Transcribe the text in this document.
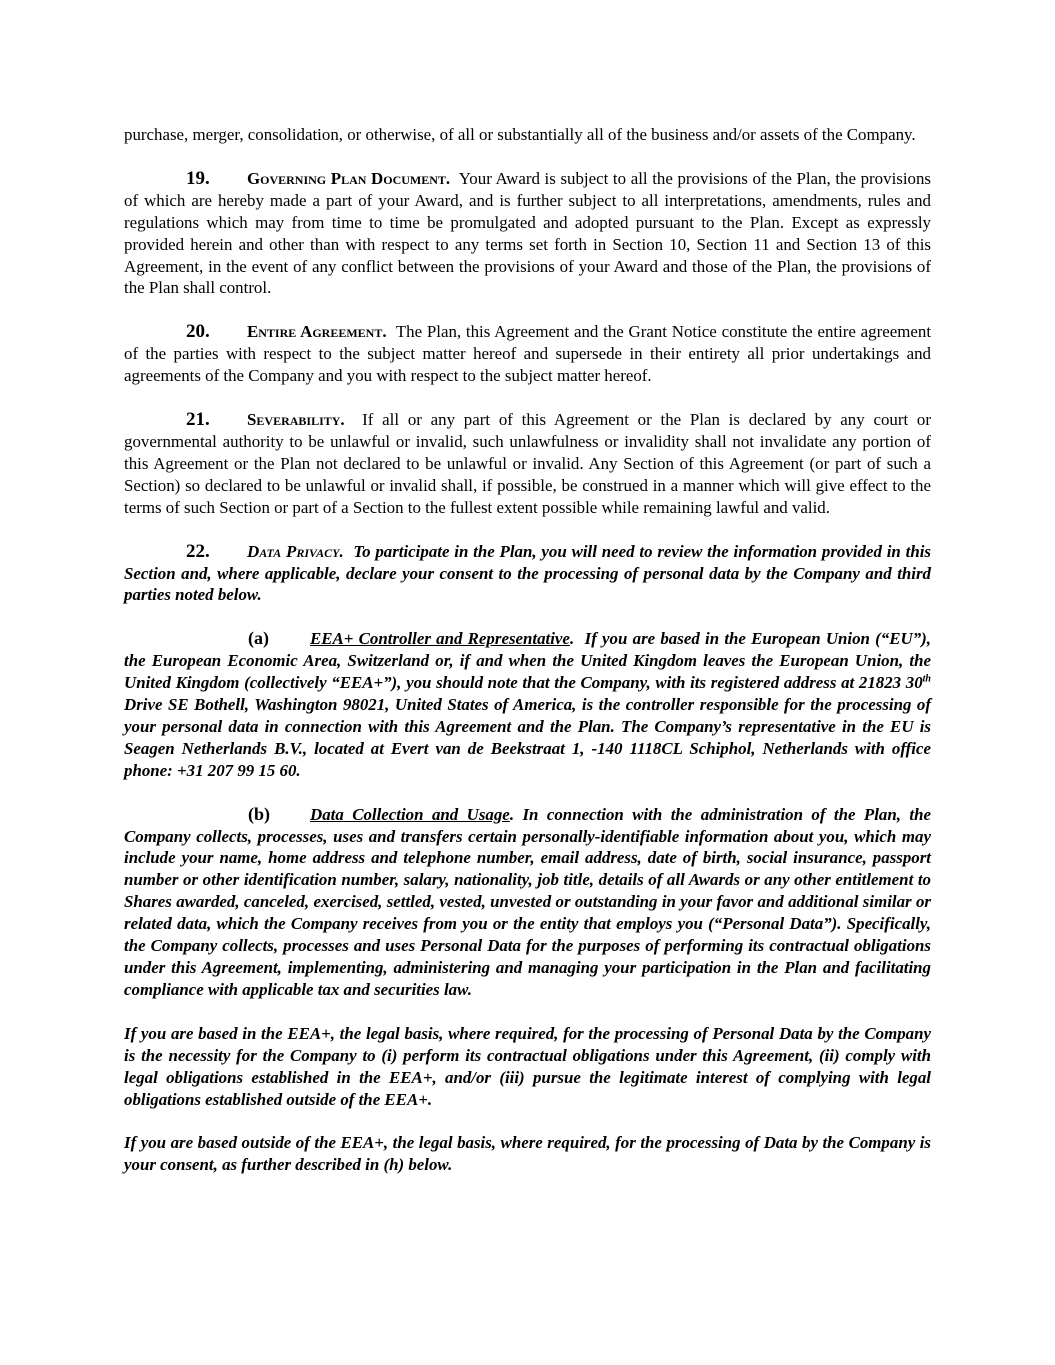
purchase, merger, consolidation, or otherwise, of all or substantially all of the business and/or assets of the Company.

19. Governing Plan Document. Your Award is subject to all the provisions of the Plan, the provisions of which are hereby made a part of your Award, and is further subject to all interpretations, amendments, rules and regulations which may from time to time be promulgated and adopted pursuant to the Plan. Except as expressly provided herein and other than with respect to any terms set forth in Section 10, Section 11 and Section 13 of this Agreement, in the event of any conflict between the provisions of your Award and those of the Plan, the provisions of the Plan shall control.

20. Entire Agreement. The Plan, this Agreement and the Grant Notice constitute the entire agreement of the parties with respect to the subject matter hereof and supersede in their entirety all prior undertakings and agreements of the Company and you with respect to the subject matter hereof.

21. Severability. If all or any part of this Agreement or the Plan is declared by any court or governmental authority to be unlawful or invalid, such unlawfulness or invalidity shall not invalidate any portion of this Agreement or the Plan not declared to be unlawful or invalid. Any Section of this Agreement (or part of such a Section) so declared to be unlawful or invalid shall, if possible, be construed in a manner which will give effect to the terms of such Section or part of a Section to the fullest extent possible while remaining lawful and valid.

22. Data Privacy. To participate in the Plan, you will need to review the information provided in this Section and, where applicable, declare your consent to the processing of personal data by the Company and third parties noted below.

(a) EEA+ Controller and Representative.  If you are based in the European Union (“EU”), the European Economic Area, Switzerland or, if and when the United Kingdom leaves the European Union, the United Kingdom (collectively “EEA+”), you should note that the Company, with its registered address at 21823 30th Drive SE Bothell, Washington 98021, United States of America, is the controller responsible for the processing of your personal data in connection with this Agreement and the Plan. The Company’s representative in the EU is Seagen Netherlands B.V., located at Evert van de Beekstraat 1, -140 1118CL Schiphol, Netherlands with office phone: +31 207 99 15 60.

(b) Data Collection and Usage. In connection with the administration of the Plan, the Company collects, processes, uses and transfers certain personally-identifiable information about you, which may include your name, home address and telephone number, email address, date of birth, social insurance, passport number or other identification number, salary, nationality, job title, details of all Awards or any other entitlement to Shares awarded, canceled, exercised, settled, vested, unvested or outstanding in your favor and additional similar or related data, which the Company receives from you or the entity that employs you (“Personal Data”). Specifically, the Company collects, processes and uses Personal Data for the purposes of performing its contractual obligations under this Agreement, implementing, administering and managing your participation in the Plan and facilitating compliance with applicable tax and securities law.

If you are based in the EEA+, the legal basis, where required, for the processing of Personal Data by the Company is the necessity for the Company to (i) perform its contractual obligations under this Agreement, (ii) comply with legal obligations established in the EEA+, and/or (iii) pursue the legitimate interest of complying with legal obligations established outside of the EEA+.

If you are based outside of the EEA+, the legal basis, where required, for the processing of Data by the Company is your consent, as further described in (h) below.
